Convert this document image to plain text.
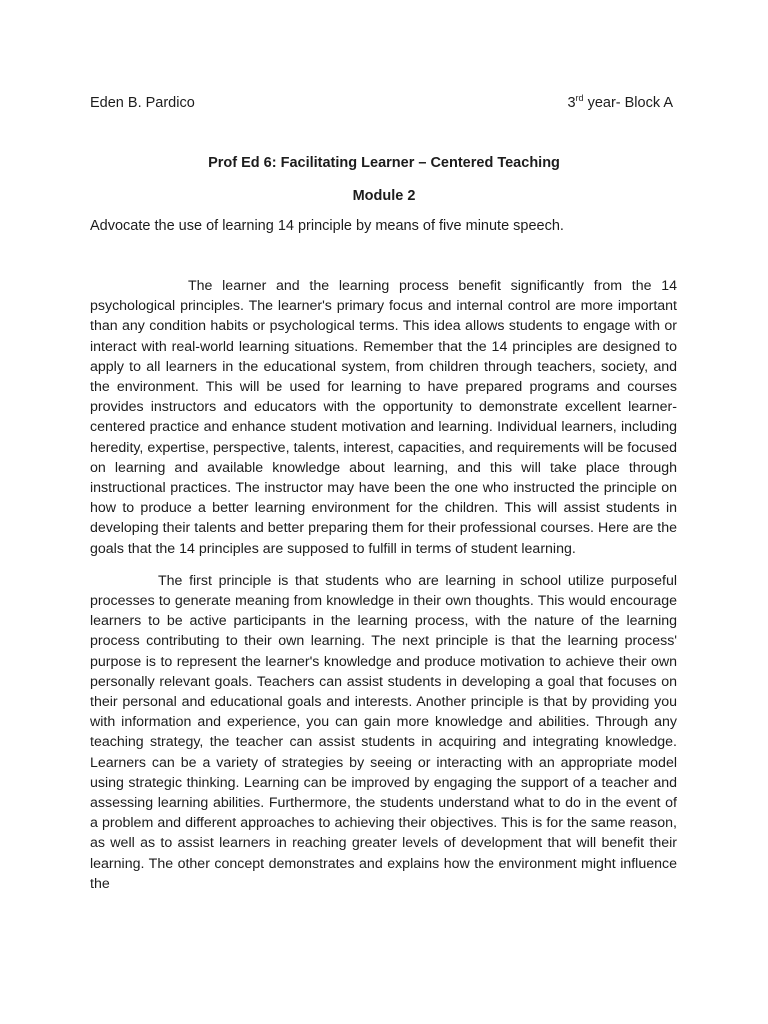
Eden B. Pardico	3rd year- Block A
Prof Ed 6: Facilitating Learner – Centered Teaching
Module 2
Advocate the use of learning 14 principle by means of five minute speech.

The learner and the learning process benefit significantly from the 14 psychological principles. The learner's primary focus and internal control are more important than any condition habits or psychological terms. This idea allows students to engage with or interact with real-world learning situations. Remember that the 14 principles are designed to apply to all learners in the educational system, from children through teachers, society, and the environment. This will be used for learning to have prepared programs and courses provides instructors and educators with the opportunity to demonstrate excellent learner-centered practice and enhance student motivation and learning. Individual learners, including heredity, expertise, perspective, talents, interest, capacities, and requirements will be focused on learning and available knowledge about learning, and this will take place through instructional practices. The instructor may have been the one who instructed the principle on how to produce a better learning environment for the children. This will assist students in developing their talents and better preparing them for their professional courses. Here are the goals that the 14 principles are supposed to fulfill in terms of student learning.

The first principle is that students who are learning in school utilize purposeful processes to generate meaning from knowledge in their own thoughts. This would encourage learners to be active participants in the learning process, with the nature of the learning process contributing to their own learning. The next principle is that the learning process' purpose is to represent the learner's knowledge and produce motivation to achieve their own personally relevant goals. Teachers can assist students in developing a goal that focuses on their personal and educational goals and interests. Another principle is that by providing you with information and experience, you can gain more knowledge and abilities. Through any teaching strategy, the teacher can assist students in acquiring and integrating knowledge. Learners can be a variety of strategies by seeing or interacting with an appropriate model using strategic thinking. Learning can be improved by engaging the support of a teacher and assessing learning abilities. Furthermore, the students understand what to do in the event of a problem and different approaches to achieving their objectives. This is for the same reason, as well as to assist learners in reaching greater levels of development that will benefit their learning. The other concept demonstrates and explains how the environment might influence the
